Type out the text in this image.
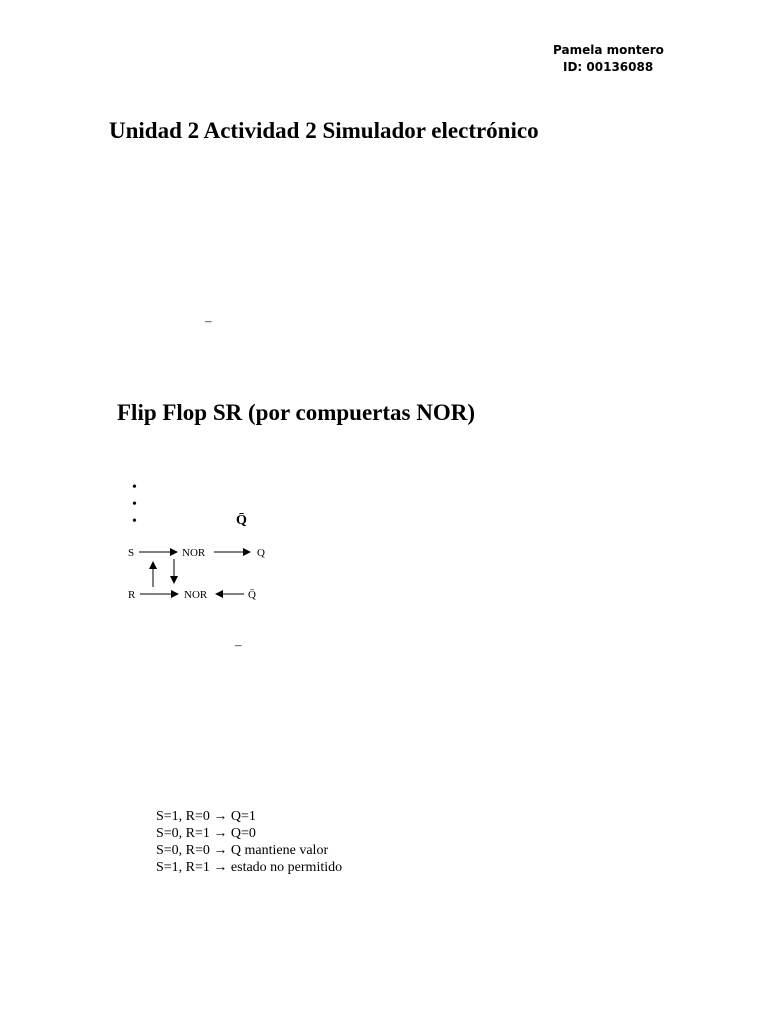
Pamela montero
ID: 00136088
Unidad 2 Actividad 2 Simulador electrónico
–
Flip Flop SR (por compuertas NOR)
•
•
•	Q̄
S	NOR	Q
R	NOR	Q̄
–
S=1, R=0 → Q=1
S=0, R=1 → Q=0
S=0, R=0 → Q mantiene valor
S=1, R=1 → estado no permitido
